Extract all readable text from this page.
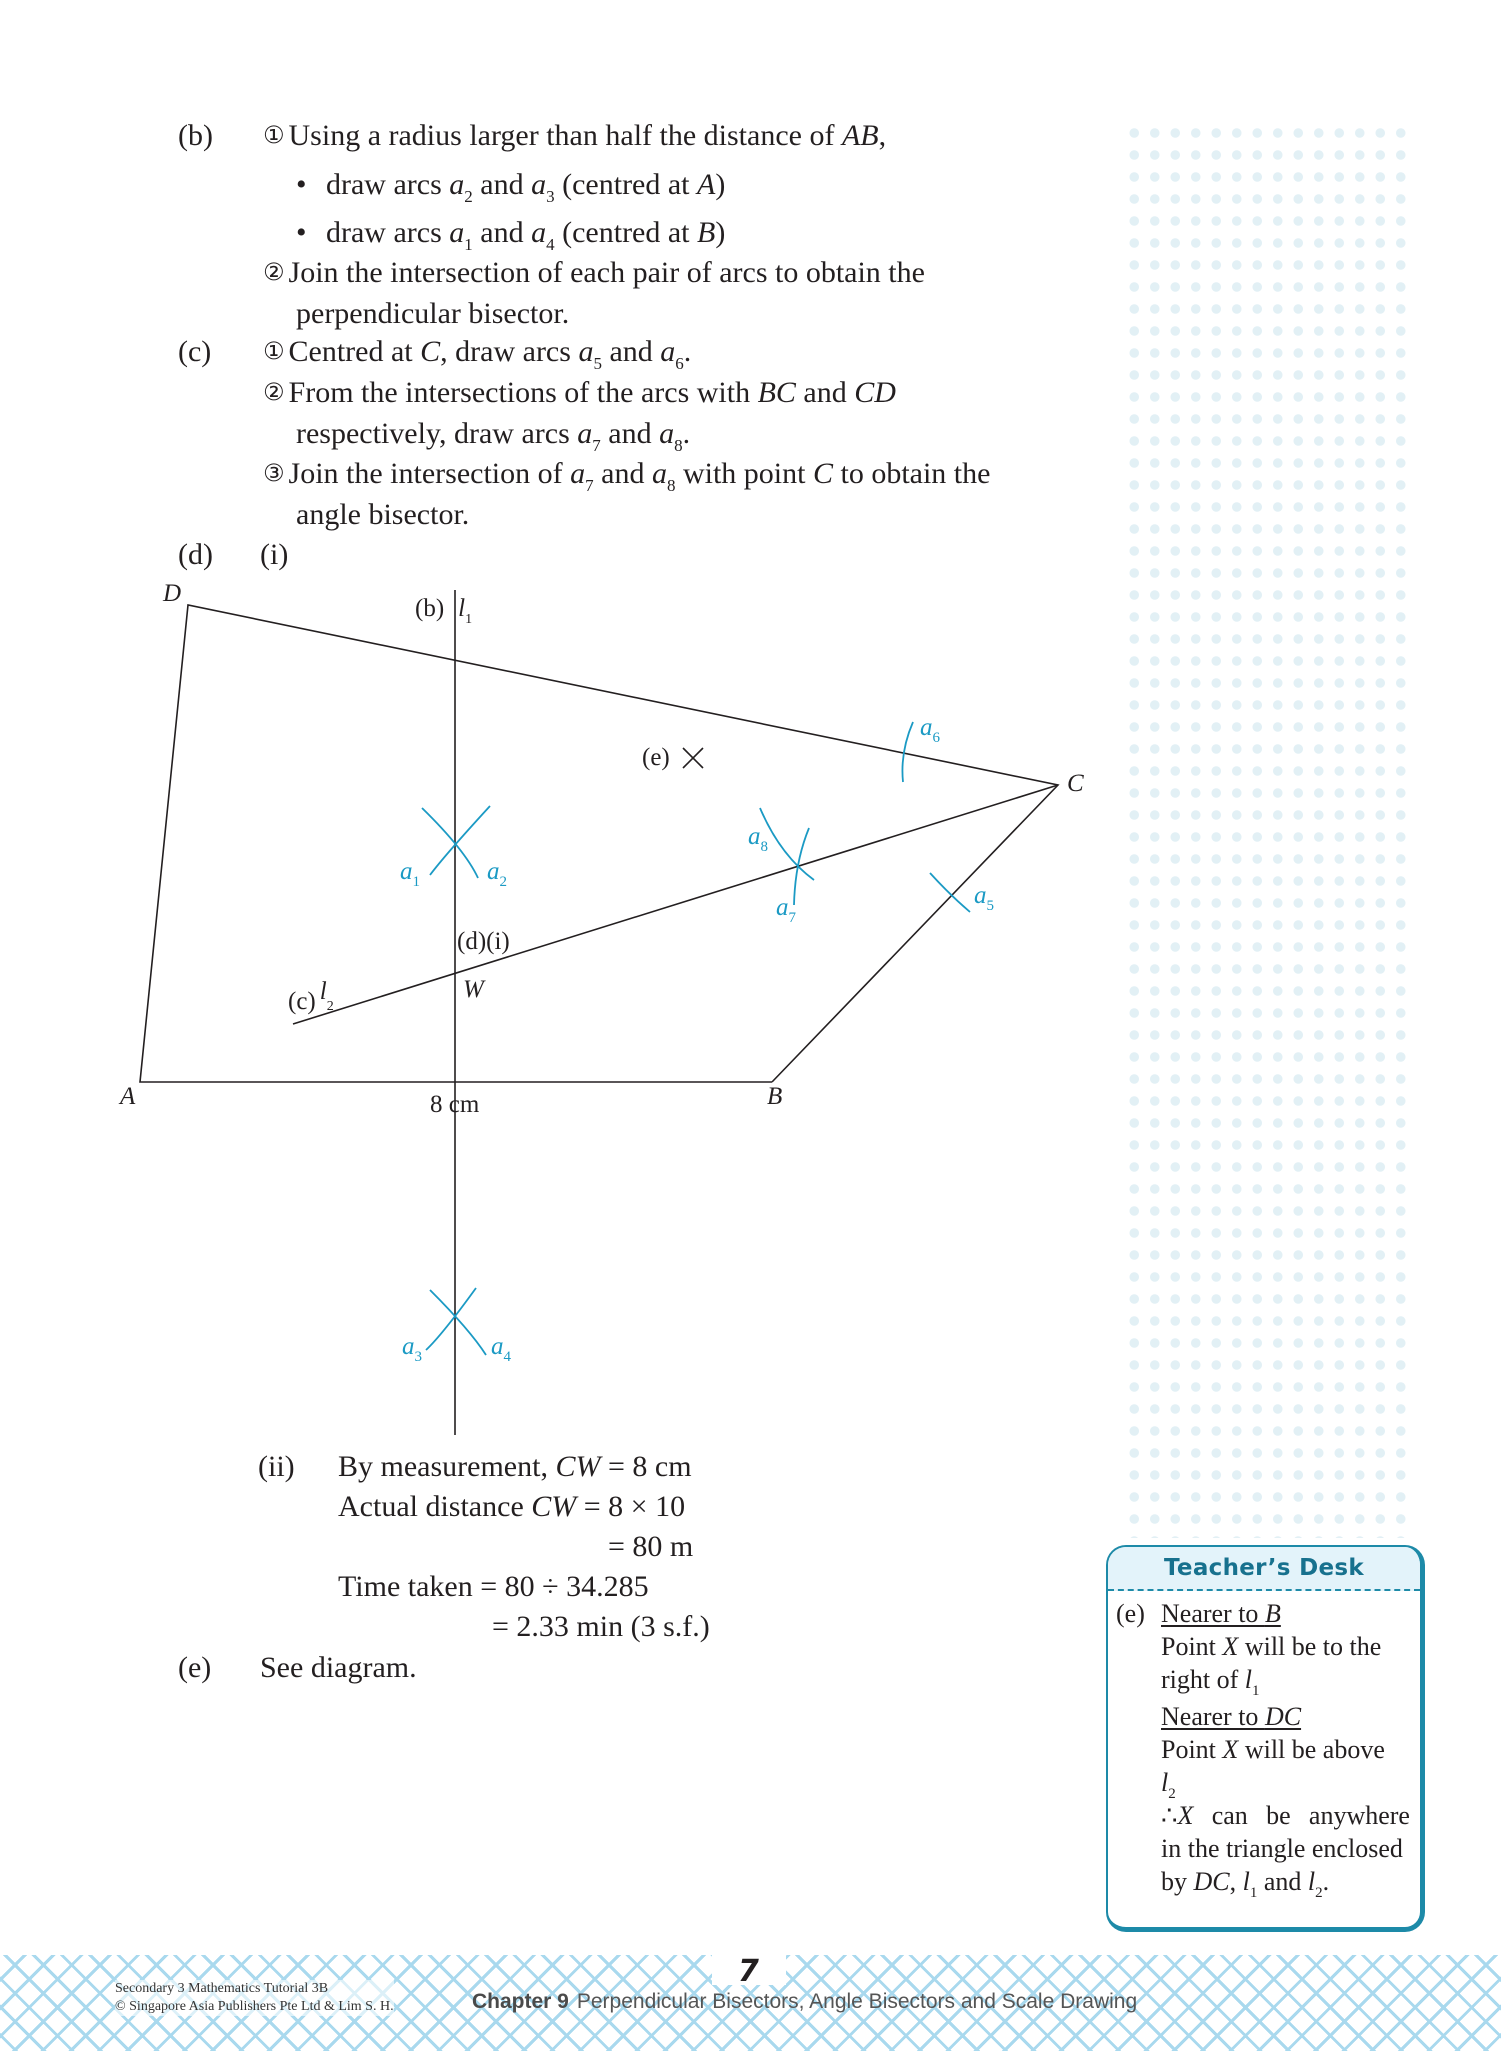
(b) ① Using a radius larger than half the distance of AB,
• draw arcs $a_2$ and $a_3$ (centred at A)
• draw arcs $a_1$ and $a_4$ (centred at B)
② Join the intersection of each pair of arcs to obtain the
perpendicular bisector.
(c) ① Centred at C, draw arcs $a_5$ and $a_6$.
② From the intersections of the arcs with BC and CD
respectively, draw arcs $a_7$ and $a_8$.
③ Join the intersection of $a_7$ and $a_8$ with point C to obtain the
angle bisector.
(d) (i)
D
C
A	B
W
8 cm
(b) $l_1$
(c) $l_2$
(d)(i)
(e)
$a_1$	$a_2$
$a_3$	$a_4$
$a_5$
$a_6$
$a_7$
$a_8$
(ii) By measurement, CW = 8 cm
Actual distance CW = 8 × 10
= 80 m
Time taken = 80 ÷ 34.285
= 2.33 min (3 s.f.)
(e) See diagram.
Teacher’s Desk
(e) Nearer to B
Point X will be to the
right of $l_1$
Nearer to DC
Point X will be above
$l_2$
∴X can be anywhere
in the triangle enclosed
by DC, $l_1$ and $l_2$.
7
Secondary 3 Mathematics Tutorial 3B
© Singapore Asia Publishers Pte Ltd & Lim S. H.	Chapter 9 Perpendicular Bisectors, Angle Bisectors and Scale Drawing
